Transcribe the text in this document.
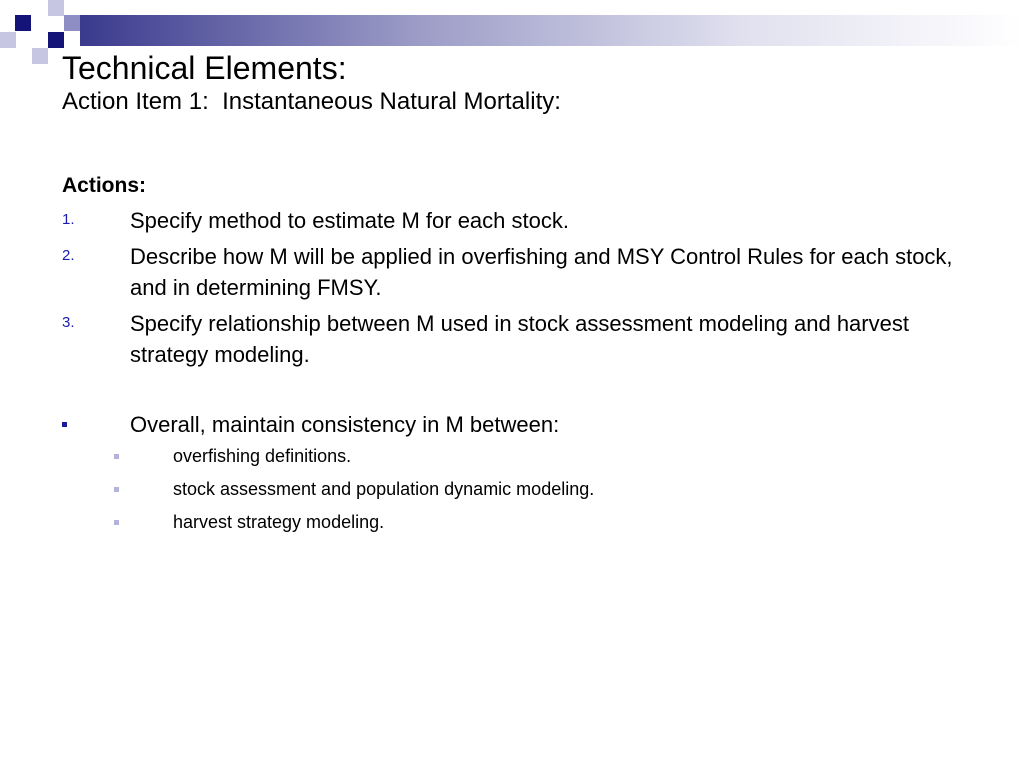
Technical Elements:
Action Item 1:  Instantaneous Natural Mortality:
Actions:
1.	Specify method to estimate M for each stock.
2.	Describe how M will be applied in overfishing and MSY Control Rules for each stock, and in determining FMSY.
3.	Specify relationship between M used in stock assessment modeling and harvest strategy modeling.
Overall, maintain consistency in M between:
overfishing definitions.
stock assessment and population dynamic modeling.
harvest strategy modeling.
